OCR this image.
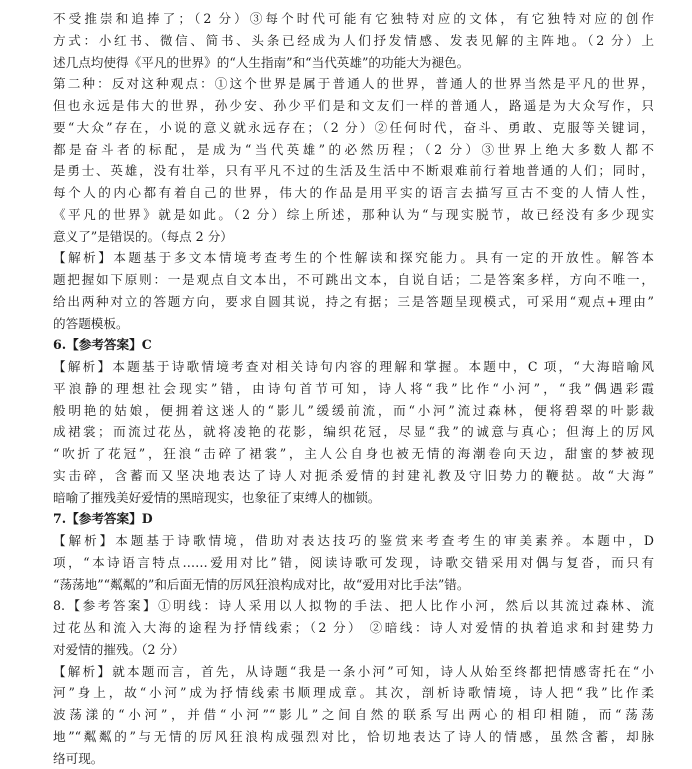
不受推崇和追捧了；（2 分）③每个时代可能有它独特对应的文体，有它独特对应的创作
方式：小红书、微信、简书、头条已经成为人们抒发情感、发表见解的主阵地。（2 分）上
述几点均使得《平凡的世界》的“人生指南”和“当代英雄”的功能大为褪色。
第二种：反对这种观点：①这个世界是属于普通人的世界，普通人的世界当然是平凡的世界，
但也永远是伟大的世界，孙少安、孙少平们是和文友们一样的普通人，路遥是为大众写作，只
要“大众”存在，小说的意义就永远存在；（2 分）②任何时代，奋斗、勇敢、克服等关键词，
都是奋斗者的标配，是成为“当代英雄”的必然历程；（2 分）③世界上绝大多数人都不
是勇士、英雄，没有壮举，只有平凡不过的生活及生活中不断艰难前行着地普通的人们；同时，
每个人的内心都有着自己的世界，伟大的作品是用平实的语言去描写亘古不变的人情人性，
《平凡的世界》就是如此。（2 分）综上所述，那种认为“与现实脱节，故已经没有多少现实
意义了”是错误的。（每点 2 分）
【解析】本题基于多文本情境考查考生的个性解读和探究能力。具有一定的开放性。解答本
题把握如下原则：一是观点自文本出，不可跳出文本，自说自话；二是答案多样，方向不唯一，
给出两种对立的答题方向，要求自圆其说，持之有据；三是答题呈现模式，可采用“观点+理由”
的答题模板。
6.【参考答案】C
【解析】本题基于诗歌情境考查对相关诗句内容的理解和掌握。本题中，C 项，“大海暗喻风
平浪静的理想社会现实”错，由诗句首节可知，诗人将“我”比作“小河”，“我”偶遇彩霞
般明艳的姑娘，便拥着这迷人的“影儿”缓缓前流，而“小河”流过森林，便将碧翠的叶影裁
成裙裳；而流过花丛，就将凌艳的花影，编织花冠，尽显“我”的诚意与真心；但海上的厉风
“吹折了花冠”，狂浪“击碎了裙裳”，主人公自身也被无情的海潮卷向天边，甜蜜的梦被现
实击碎，含蓄而又坚决地表达了诗人对扼杀爱情的封建礼教及守旧势力的鞭挞。故“大海”
暗喻了摧残美好爱情的黑暗现实，也象征了束缚人的枷锁。
7.【参考答案】D
【解析】本题基于诗歌情境，借助对表达技巧的鉴赏来考查考生的审美素养。本题中，D
项，“本诗语言特点……爱用对比”错，阅读诗歌可发现，诗歌交错采用对偶与复沓，而只有
“荡荡地”“粼粼的”和后面无情的厉风狂浪构成对比，故“爱用对比手法”错。
8.【参考答案】①明线：诗人采用以人拟物的手法、把人比作小河，然后以其流过森林、流
过花丛和流入大海的途程为抒情线索；（2 分） ②暗线：诗人对爱情的执着追求和封建势力
对爱情的摧残。（2 分）
【解析】就本题而言，首先，从诗题“我是一条小河”可知，诗人从始至终都把情感寄托在“小
河”身上，故“小河”成为抒情线索书顺理成章。其次，剖析诗歌情境，诗人把“我”比作柔
波荡漾的“小河”，并借“小河”“影儿”之间自然的联系写出两心的相印相随，而“荡荡
地”“粼粼的”与无情的厉风狂浪构成强烈对比，恰切地表达了诗人的情感，虽然含蓄，却脉
络可现。
